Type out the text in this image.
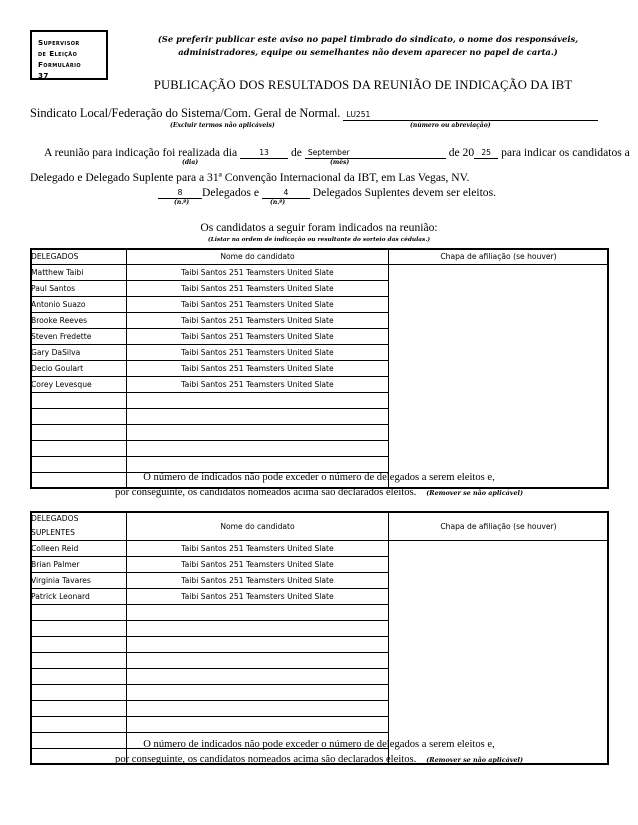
Supervisor
de Eleição
Formulário
37
(Se preferir publicar este aviso no papel timbrado do sindicato, o nome dos responsáveis, administradores, equipe ou semelhantes não devem aparecer no papel de carta.)
PUBLICAÇÃO DOS RESULTADOS DA REUNIÃO DE INDICAÇÃO DA IBT
Sindicato Local/Federação do Sistema/Com. Geral de Normal. LU251
(Excluir termos não aplicáveis)	(número ou abreviação)
A reunião para indicação foi realizada dia	13 de September	de 20 25 para indicar os candidatos a
(dia)	(mês)
Delegado e Delegado Suplente para a 31ª Convenção Internacional da IBT, em Las Vegas, NV.
8 Delegados e	4 Delegados Suplentes devem ser eleitos.
(n.º)	(n.º)
Os candidatos a seguir foram indicados na reunião:
(Listar na ordem de indicação ou resultante do sorteio das cédulas.)
DELEGADOS	Nome do candidato	Chapa de afiliação (se houver)
Matthew Taibi	Taibi Santos 251 Teamsters United Slate	
Paul Santos	Taibi Santos 251 Teamsters United Slate	
Antonio Suazo	Taibi Santos 251 Teamsters United Slate	
Brooke Reeves	Taibi Santos 251 Teamsters United Slate	
Steven Fredette	Taibi Santos 251 Teamsters United Slate	
Gary DaSilva	Taibi Santos 251 Teamsters United Slate	
Decio Goulart	Taibi Santos 251 Teamsters United Slate	
Corey Levesque	Taibi Santos 251 Teamsters United Slate	

O número de indicados não pode exceder o número de delegados a serem eleitos e,
por conseguinte, os candidatos nomeados acima são declarados eleitos. (Remover se não aplicável)
DELEGADOS
SUPLENTES	Nome do candidato	Chapa de afiliação (se houver)
Colleen Reid	Taibi Santos 251 Teamsters United Slate	
Brian Palmer	Taibi Santos 251 Teamsters United Slate	
Virginia Tavares	Taibi Santos 251 Teamsters United Slate	
Patrick Leonard	Taibi Santos 251 Teamsters United Slate	

O número de indicados não pode exceder o número de delegados a serem eleitos e,
por conseguinte, os candidatos nomeados acima são declarados eleitos. (Remover se não aplicável)
